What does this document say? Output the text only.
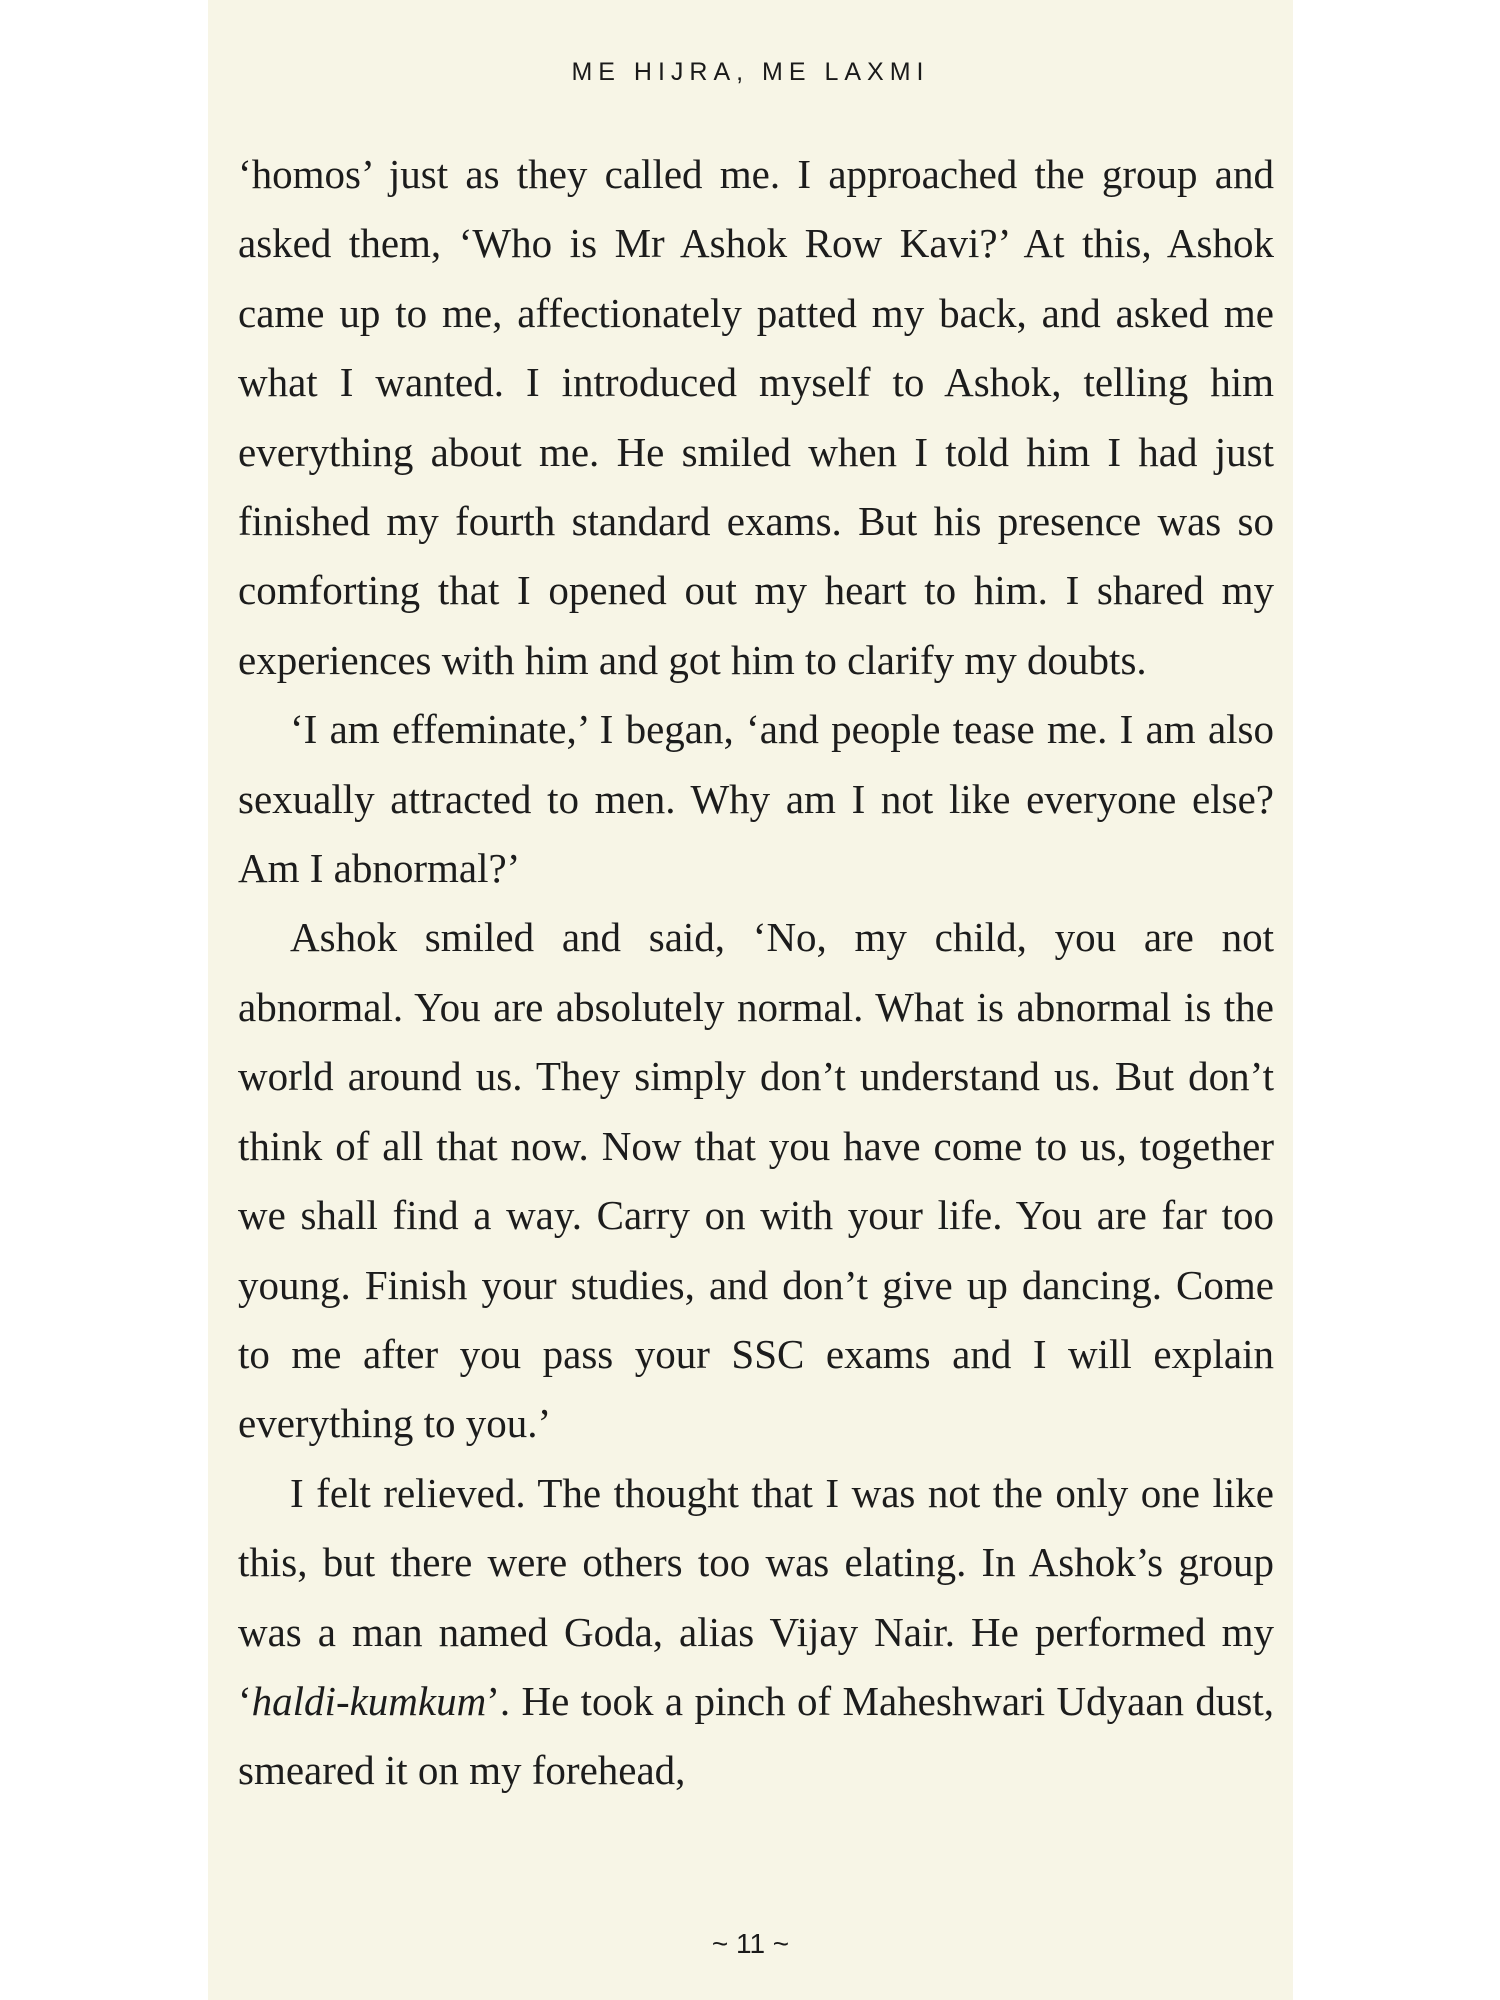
ME HIJRA, ME LAXMI

‘homos’ just as they called me. I approached the group and asked them, ‘Who is Mr Ashok Row Kavi?’ At this, Ashok came up to me, affectionately patted my back, and asked me what I wanted. I introduced myself to Ashok, telling him everything about me. He smiled when I told him I had just finished my fourth standard exams. But his presence was so comforting that I opened out my heart to him. I shared my experiences with him and got him to clarify my doubts.

‘I am effeminate,’ I began, ‘and people tease me. I am also sexually attracted to men. Why am I not like everyone else? Am I abnormal?’

Ashok smiled and said, ‘No, my child, you are not abnormal. You are absolutely normal. What is abnormal is the world around us. They simply don’t understand us. But don’t think of all that now. Now that you have come to us, together we shall find a way. Carry on with your life. You are far too young. Finish your studies, and don’t give up dancing. Come to me after you pass your SSC exams and I will explain everything to you.’

I felt relieved. The thought that I was not the only one like this, but there were others too was elating. In Ashok’s group was a man named Goda, alias Vijay Nair. He performed my ‘haldi-kumkum’. He took a pinch of Maheshwari Udyaan dust, smeared it on my forehead,

~ 11 ~
